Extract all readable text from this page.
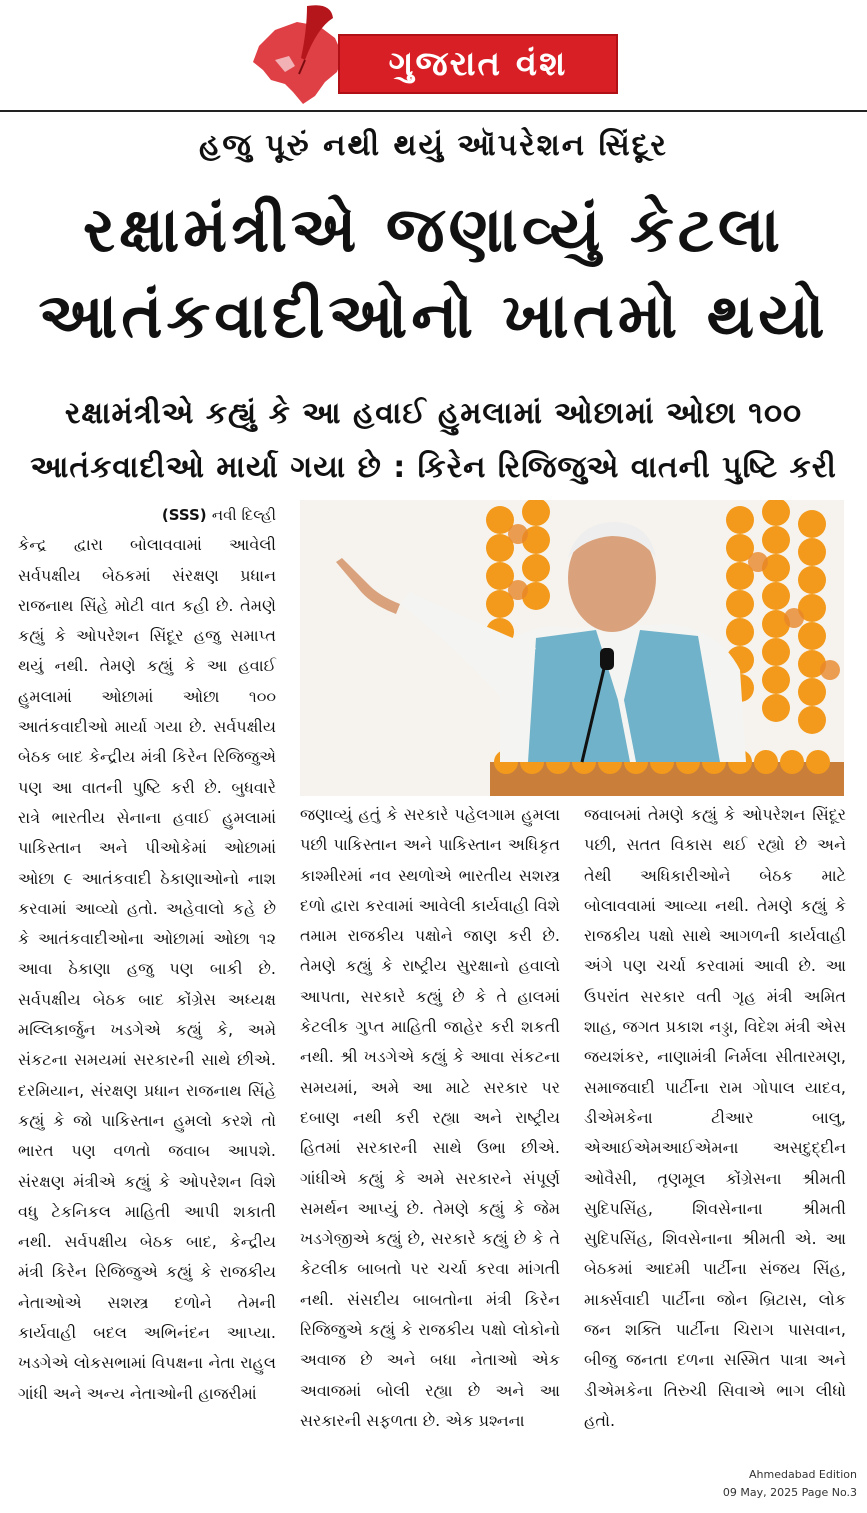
ગુજરાત વંશ
હજુ પૂરું નથી થયું ઑપરેશન સિંદૂર
રક્ષામંત્રીએ જણાવ્યું કેટલા
આતંકવાદીઓનો ખાતમો થયો
રક્ષામંત્રીએ કહ્યું કે આ હવાઈ હુમલામાં ઓછામાં ઓછા ૧૦૦
આતંકવાદીઓ માર્યા ગયા છે : કિરેન રિજિજુએ વાતની પુષ્ટિ કરી
(SSS) નવી દિલ્હી

કેન્દ્ર દ્વારા બોલાવવામાં આવેલી સર્વપક્ષીય બેઠકમાં સંરક્ષણ પ્રધાન રાજનાથ સિંહે મોટી વાત કહી છે. તેમણે કહ્યું કે ઓપરેશન સિંદૂર હજુ સમાપ્ત થયું નથી. તેમણે કહ્યું કે આ હવાઈ હુમલામાં ઓછામાં ઓછા ૧૦૦ આતંકવાદીઓ માર્યા ગયા છે. સર્વપક્ષીય બેઠક બાદ કેન્દ્રીય મંત્રી કિરેન રિજિજુએ પણ આ વાતની પુષ્ટિ કરી છે. બુધવારે રાત્રે ભારતીય સેનાના હવાઈ હુમલામાં પાકિસ્તાન અને પીઓકેમાં ઓછામાં ઓછા ૯ આતંકવાદી ઠેકાણાઓનો નાશ કરવામાં આવ્યો હતો. અહેવાલો કહે છે કે આતંકવાદીઓના ઓછામાં ઓછા ૧૨ આવા ઠેકાણા હજુ પણ બાકી છે. સર્વપક્ષીય બેઠક બાદ કોંગ્રેસ અધ્યક્ષ મલ્લિકાર્જુન ખડગેએ કહ્યું કે, અમે સંકટના સમયમાં સરકારની સાથે છીએ. દરમિયાન, સંરક્ષણ પ્રધાન રાજનાથ સિંહે કહ્યું કે જો પાકિસ્તાન હુમલો કરશે તો ભારત પણ વળતો જવાબ આપશે. સંરક્ષણ મંત્રીએ કહ્યું કે ઓપરેશન વિશે વધુ ટેકનિકલ માહિતી આપી શકાતી નથી. સર્વપક્ષીય બેઠક બાદ, કેન્દ્રીય મંત્રી કિરેન રિજિજુએ કહ્યું કે રાજકીય નેતાઓએ સશસ્ત્ર દળોને તેમની કાર્યવાહી બદલ અભિનંદન આપ્યા. ખડગેએ લોકસભામાં વિપક્ષના નેતા રાહુલ ગાંધી અને અન્ય નેતાઓની હાજરીમાં

જણાવ્યું હતું કે સરકારે પહેલગામ હુમલા પછી પાકિસ્તાન અને પાકિસ્તાન અધિકૃત કાશ્મીરમાં નવ સ્થળોએ ભારતીય સશસ્ત્ર દળો દ્વારા કરવામાં આવેલી કાર્યવાહી વિશે તમામ રાજકીય પક્ષોને જાણ કરી છે. તેમણે કહ્યું કે રાષ્ટ્રીય સુરક્ષાનો હવાલો આપતા, સરકારે કહ્યું છે કે તે હાલમાં કેટલીક ગુપ્ત માહિતી જાહેર કરી શકતી નથી. શ્રી ખડગેએ કહ્યું કે આવા સંકટના સમયમાં, અમે આ માટે સરકાર પર દબાણ નથી કરી રહ્યા અને રાષ્ટ્રીય હિતમાં સરકારની સાથે ઉભા છીએ. ગાંધીએ કહ્યું કે અમે સરકારને સંપૂર્ણ સમર્થન આપ્યું છે. તેમણે કહ્યું કે જેમ ખડગેજીએ કહ્યું છે, સરકારે કહ્યું છે કે તે કેટલીક બાબતો પર ચર્ચા કરવા માંગતી નથી. સંસદીય બાબતોના મંત્રી કિરેન રિજિજુએ કહ્યું કે રાજકીય પક્ષો લોકોનો અવાજ છે અને બધા નેતાઓ એક અવાજમાં બોલી રહ્યા છે અને આ સરકારની સફળતા છે. એક પ્રશ્નના

જવાબમાં તેમણે કહ્યું કે ઓપરેશન સિંદૂર પછી, સતત વિકાસ થઈ રહ્યો છે અને તેથી અધિકારીઓને બેઠક માટે બોલાવવામાં આવ્યા નથી. તેમણે કહ્યું કે રાજકીય પક્ષો સાથે આગળની કાર્યવાહી અંગે પણ ચર્ચા કરવામાં આવી છે. આ ઉપરાંત સરકાર વતી ગૃહ મંત્રી અમિત શાહ, જગત પ્રકાશ નડ્ડા, વિદેશ મંત્રી એસ જયશંકર, નાણામંત્રી નિર્મલા સીતારમણ, સમાજવાદી પાર્ટીના રામ ગોપાલ યાદવ, ડીએમકેના ટીઆર બાલુ, એઆઈએમઆઈએમના અસદુદ્દીન ઓવૈસી, તૃણમૂલ કોંગ્રેસના શ્રીમતી સુદિપસિંહ, શિવસેનાના શ્રીમતી સુદિપસિંહ, શિવસેનાના શ્રીમતી એ. આ બેઠકમાં આદમી પાર્ટીના સંજય સિંહ, માર્ક્સવાદી પાર્ટીના જોન બ્રિટાસ, લોક જન શક્તિ પાર્ટીના ચિરાગ પાસવાન, બીજુ જનતા દળના સસ્મિત પાત્રા અને ડીએમકેના તિરુચી સિવાએ ભાગ લીધો હતો.

Ahmedabad Edition
09 May, 2025 Page No.3
